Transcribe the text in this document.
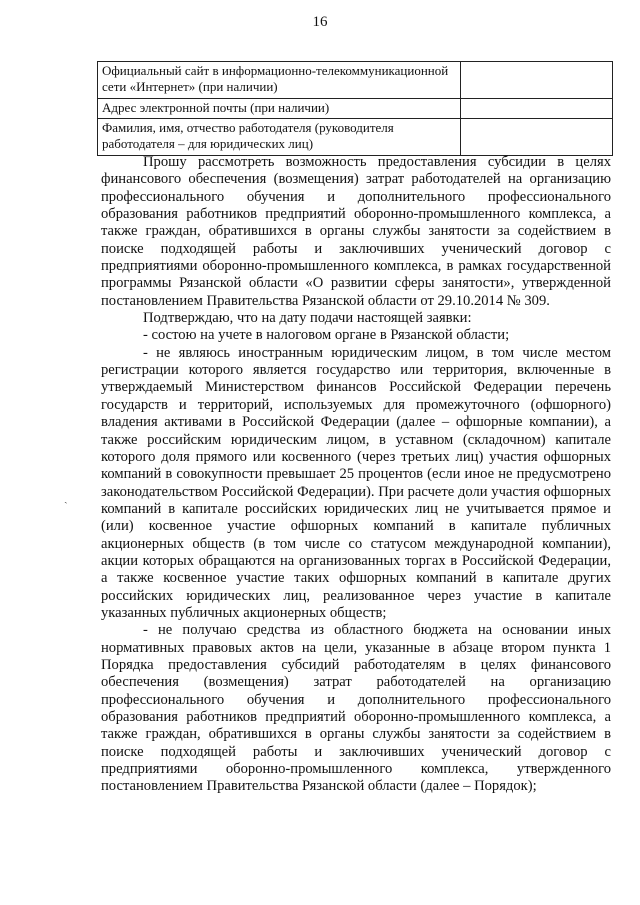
16
Официальный сайт в информационно-телекоммуникационной сети «Интернет» (при наличии)	
Адрес электронной почты (при наличии)	
Фамилия, имя, отчество работодателя (руководителя работодателя – для юридических лиц)	

Прошу рассмотреть возможность предоставления субсидии в целях финансового обеспечения (возмещения) затрат работодателей на организацию профессионального обучения и дополнительного профессионального образования работников предприятий оборонно-промышленного комплекса, а также граждан, обратившихся в органы службы занятости за содействием в поиске подходящей работы и заключивших ученический договор с предприятиями оборонно-промышленного комплекса, в рамках государственной программы Рязанской области «О развитии сферы занятости», утвержденной постановлением Правительства Рязанской области от 29.10.2014 № 309.

Подтверждаю, что на дату подачи настоящей заявки:

- состою на учете в налоговом органе в Рязанской области;

- не являюсь иностранным юридическим лицом, в том числе местом регистрации которого является государство или территория, включенные в утверждаемый Министерством финансов Российской Федерации перечень государств и территорий, используемых для промежуточного (офшорного) владения активами в Российской Федерации (далее – офшорные компании), а также российским юридическим лицом, в уставном (складочном) капитале которого доля прямого или косвенного (через третьих лиц) участия офшорных компаний в совокупности превышает 25 процентов (если иное не предусмотрено законодательством Российской Федерации). При расчете доли участия офшорных компаний в капитале российских юридических лиц не учитывается прямое и (или) косвенное участие офшорных компаний в капитале публичных акционерных обществ (в том числе со статусом международной компании), акции которых обращаются на организованных торгах в Российской Федерации, а также косвенное участие таких офшорных компаний в капитале других российских юридических лиц, реализованное через участие в капитале указанных публичных акционерных обществ;

- не получаю средства из областного бюджета на основании иных нормативных правовых актов на цели, указанные в абзаце втором пункта 1 Порядка предоставления субсидий работодателям в целях финансового обеспечения (возмещения) затрат работодателей на организацию профессионального обучения и дополнительного профессионального образования работников предприятий оборонно-промышленного комплекса, а также граждан, обратившихся в органы службы занятости за содействием в поиске подходящей работы и заключивших ученический договор с предприятиями оборонно-промышленного комплекса, утвержденного постановлением Правительства Рязанской области (далее – Порядок);

ˏ
